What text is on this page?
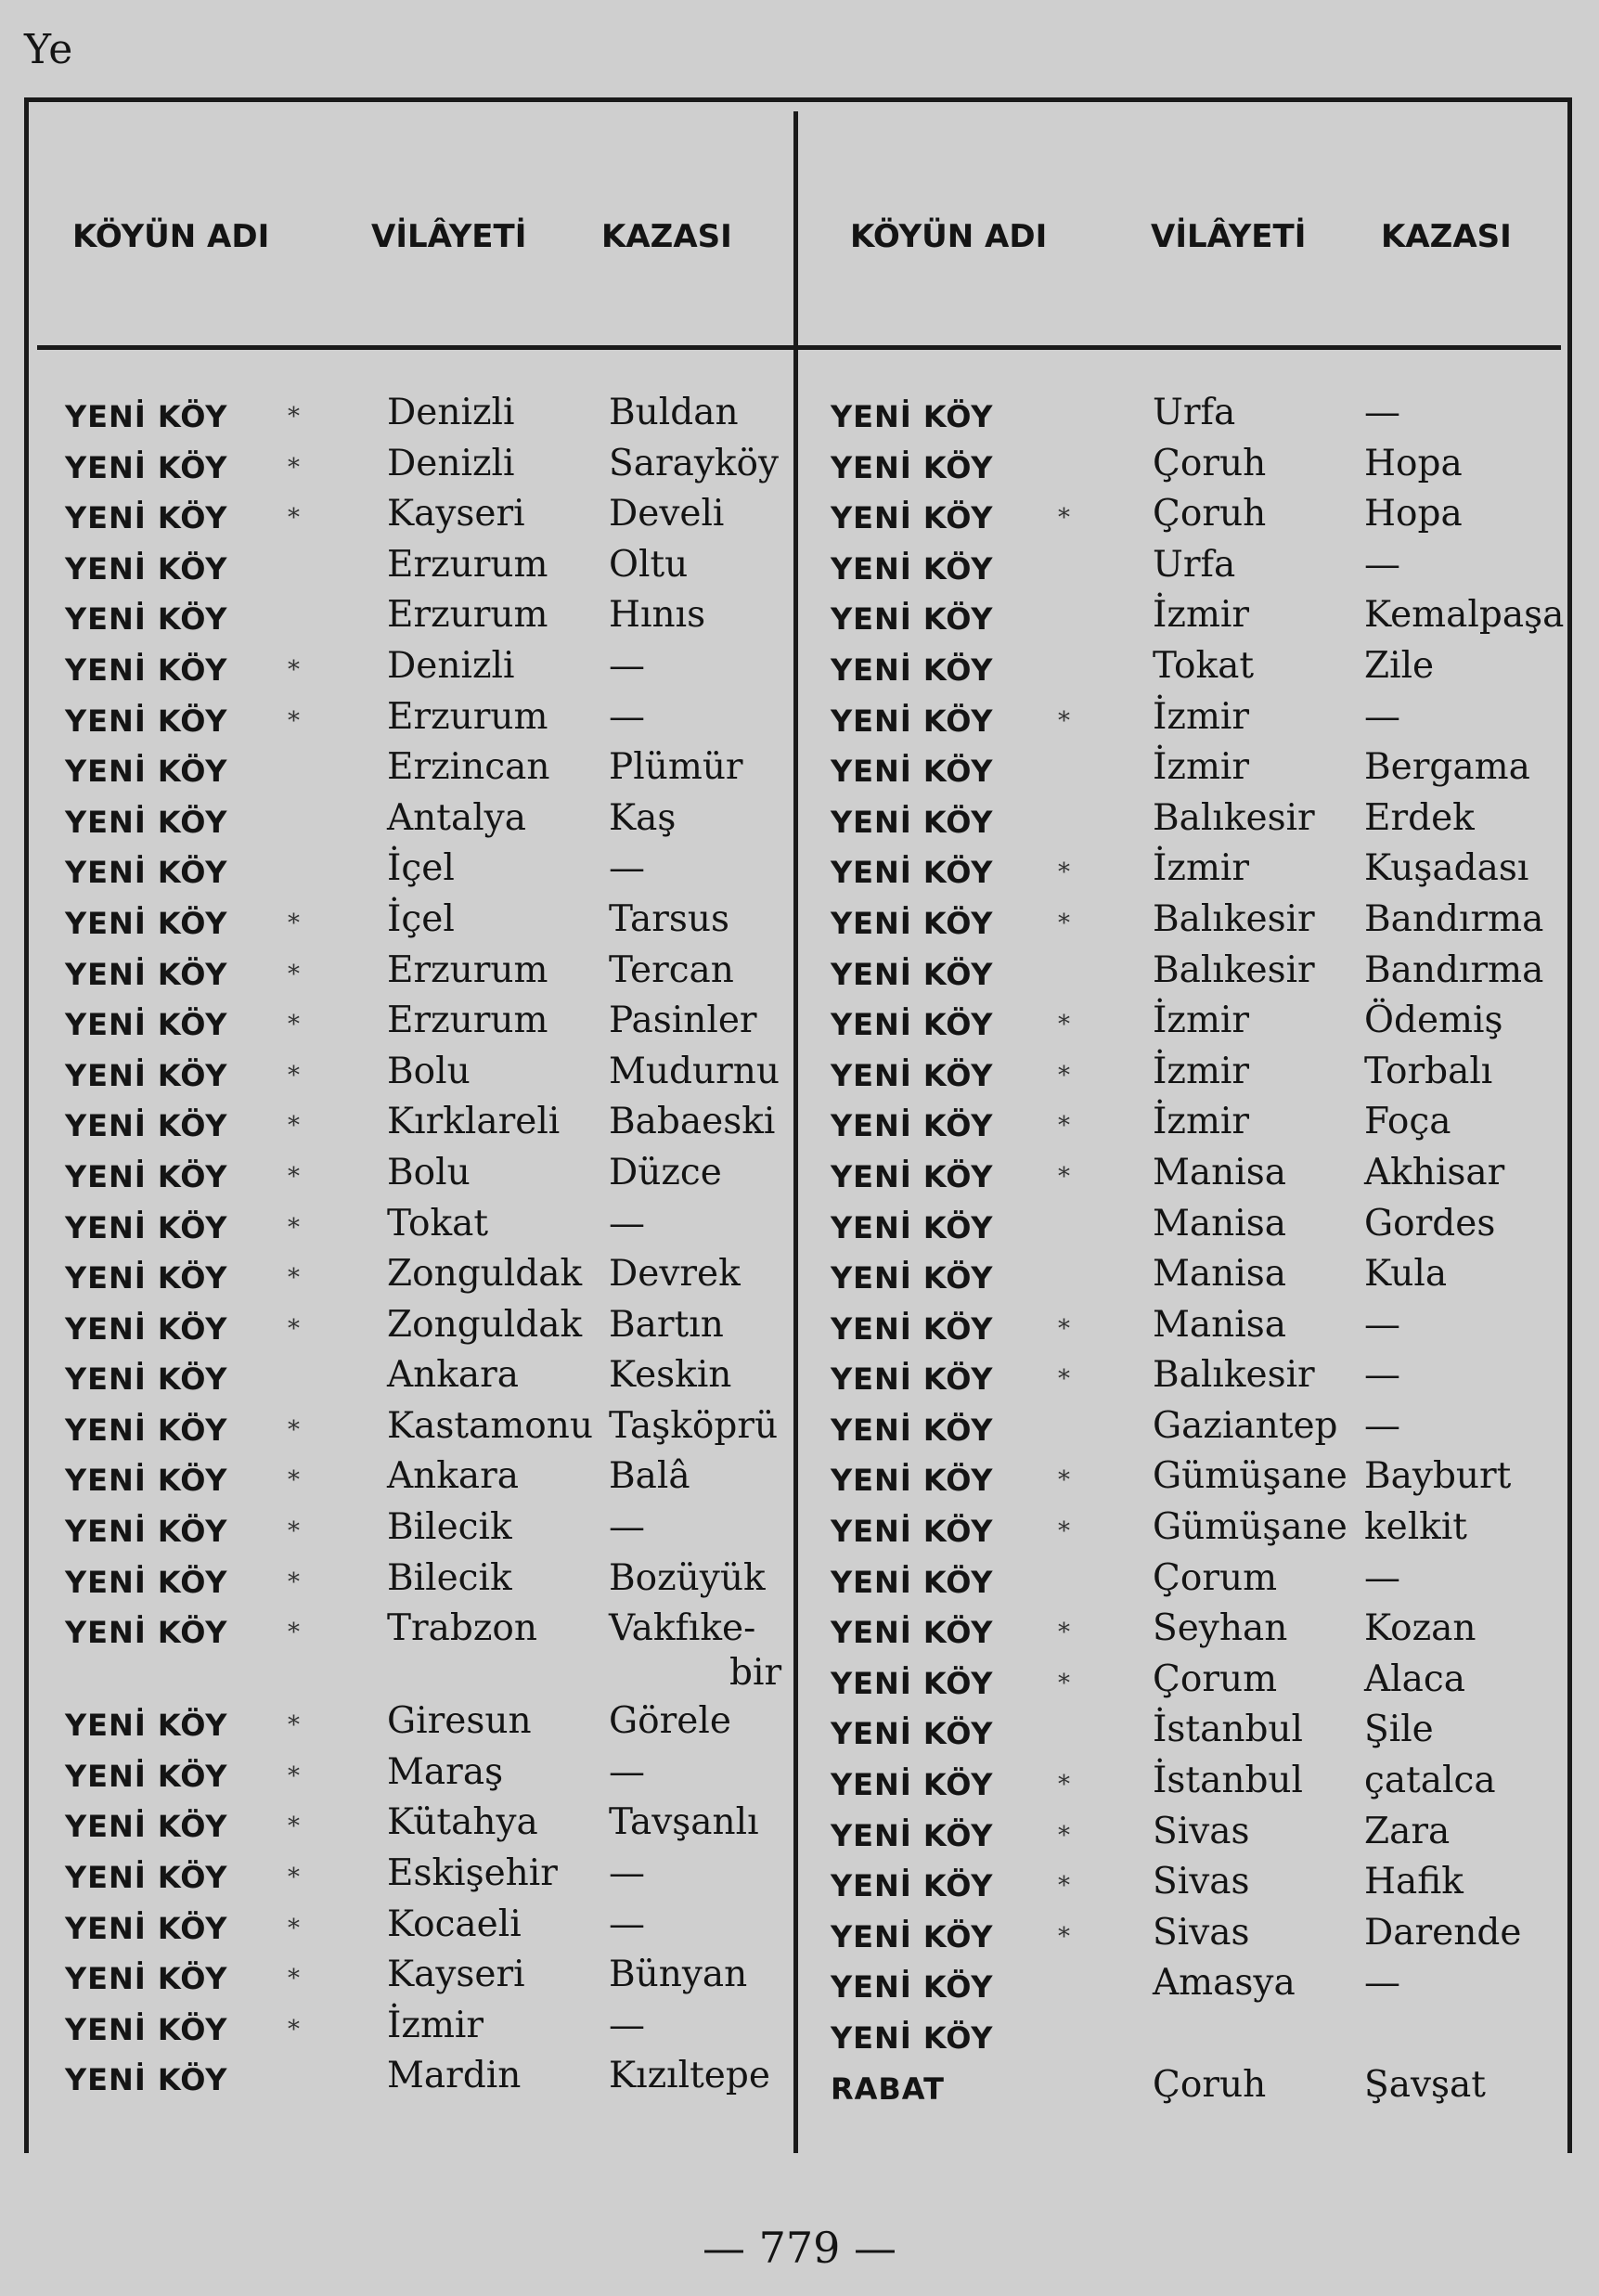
Ye
KÖYÜN ADI	VİLÂYETİ KAZASI	KÖYÜN ADI	VİLÂYETİ KAZASI
YENİ KÖY * Denizli	Buldan
YENİ KÖY * Denizli	Sarayköy
YENİ KÖY * Kayseri Develi
YENİ KÖY	Erzurum Oltu
YENİ KÖY	Erzurum Hınıs
YENİ KÖY * Denizli	—
YENİ KÖY * Erzurum —
YENİ KÖY	Erzincan Plümür
YENİ KÖY	Antalya Kaş
YENİ KÖY	İçel	—
YENİ KÖY * İçel	Tarsus
YENİ KÖY * Erzurum Tercan
YENİ KÖY * Erzurum Pasinler
YENİ KÖY * Bolu	Mudurnu
YENİ KÖY * Kırklareli Babaeski
YENİ KÖY * Bolu	Düzce
YENİ KÖY * Tokat	—
YENİ KÖY * Zonguldak Devrek
YENİ KÖY * Zonguldak Bartın
YENİ KÖY	Ankara Keskin
YENİ KÖY * Kastamonu Taşköprü
YENİ KÖY * Ankara Balâ
YENİ KÖY * Bilecik	—
YENİ KÖY * Bilecik	Bozüyük
YENİ KÖY * Trabzon Vakfıke-
bir
YENİ KÖY * Giresun Görele
YENİ KÖY * Maraş	—
YENİ KÖY * Kütahya Tavşanlı
YENİ KÖY * Eskişehir —
YENİ KÖY * Kocaeli —
YENİ KÖY * Kayseri Bünyan
YENİ KÖY * İzmir	—
YENİ KÖY	Mardin Kızıltepe
YENİ KÖY	Urfa	—
YENİ KÖY	Çoruh	Hopa
YENİ KÖY	* Çoruh	Hopa
YENİ KÖY	Urfa	—
YENİ KÖY	İzmir	Kemalpaşa
YENİ KÖY	Tokat	Zile
YENİ KÖY	* İzmir	—
YENİ KÖY	İzmir	Bergama
YENİ KÖY	Balıkesir Erdek
YENİ KÖY	* İzmir	Kuşadası
YENİ KÖY	* Balıkesir Bandırma
YENİ KÖY	Balıkesir Bandırma
YENİ KÖY	* İzmir	Ödemiş
YENİ KÖY	* İzmir	Torbalı
YENİ KÖY	* İzmir	Foça
YENİ KÖY	* Manisa Akhisar
YENİ KÖY	Manisa Gordes
YENİ KÖY	Manisa Kula
YENİ KÖY	* Manisa —
YENİ KÖY	* Balıkesir —
YENİ KÖY	Gaziantep —
YENİ KÖY	* Gümüşane Bayburt
YENİ KÖY	* Gümüşane kelkit
YENİ KÖY	Çorum —
YENİ KÖY	* Seyhan Kozan
YENİ KÖY	* Çorum Alaca
YENİ KÖY	İstanbul Şile
YENİ KÖY	* İstanbul çatalca
YENİ KÖY	* Sivas	Zara
YENİ KÖY	* Sivas	Hafik
YENİ KÖY	* Sivas	Darende
YENİ KÖY	Amasya —
YENİ KÖY
RABAT	Çoruh	Şavşat
— 779 —
